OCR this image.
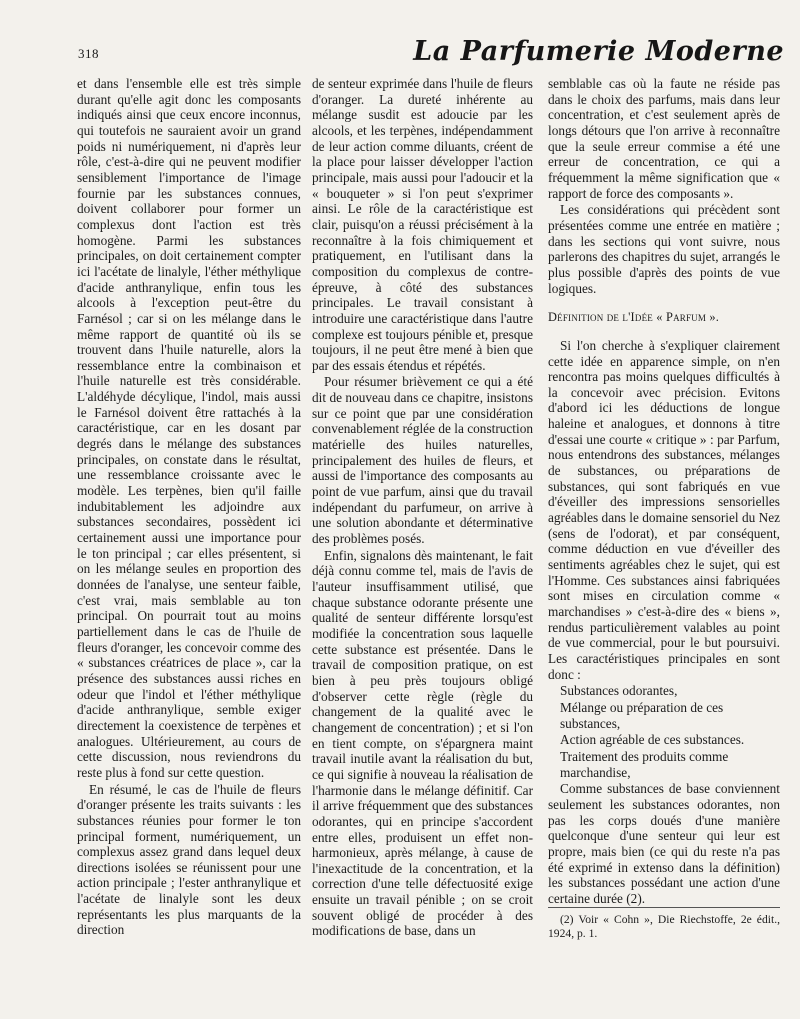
318	La Parfumerie Moderne

et dans l'ensemble elle est très simple durant qu'elle agit donc les composants indiqués ainsi que ceux encore inconnus, qui toutefois ne sauraient avoir un grand poids ni numériquement, ni d'après leur rôle, c'est-à-dire qui ne peuvent modifier sensiblement l'importance de l'image fournie par les substances connues, doivent collaborer pour former un complexus dont l'action est très homogène. Parmi les substances principales, on doit certainement compter ici l'acétate de linalyle, l'éther méthylique d'acide anthranylique, enfin tous les alcools à l'exception peut-être du Farnésol ; car si on les mélange dans le même rapport de quantité où ils se trouvent dans l'huile naturelle, alors la ressemblance entre la combinaison et l'huile naturelle est très considérable. L'aldéhyde décylique, l'indol, mais aussi le Farnésol doivent être rattachés à la caractéristique, car en les dosant par degrés dans le mélange des substances principales, on constate dans le résultat, une ressemblance croissante avec le modèle. Les terpènes, bien qu'il faille indubitablement les adjoindre aux substances secondaires, possèdent ici certainement aussi une importance pour le ton principal ; car elles présentent, si on les mélange seules en proportion des données de l'analyse, une senteur faible, c'est vrai, mais semblable au ton principal. On pourrait tout au moins partiellement dans le cas de l'huile de fleurs d'oranger, les concevoir comme des « substances créatrices de place », car la présence des substances aussi riches en odeur que l'indol et l'éther méthylique d'acide anthranylique, semble exiger directement la coexistence de terpènes et analogues. Ultérieurement, au cours de cette discussion, nous reviendrons du reste plus à fond sur cette question.

En résumé, le cas de l'huile de fleurs d'oranger présente les traits suivants : les substances réunies pour former le ton principal forment, numériquement, un complexus assez grand dans lequel deux directions isolées se réunissent pour une action principale ; l'ester anthranylique et l'acétate de linalyle sont les deux représentants les plus marquants de la direction

de senteur exprimée dans l'huile de fleurs d'oranger. La dureté inhérente au mélange susdit est adoucie par les alcools, et les terpènes, indépendamment de leur action comme diluants, créent de la place pour laisser développer l'action principale, mais aussi pour l'adoucir et la « bouqueter » si l'on peut s'exprimer ainsi. Le rôle de la caractéristique est clair, puisqu'on a réussi précisément à la reconnaître à la fois chimiquement et pratiquement, en l'utilisant dans la composition du complexus de contre-épreuve, à côté des substances principales. Le travail consistant à introduire une caractéristique dans l'autre complexe est toujours pénible et, presque toujours, il ne peut être mené à bien que par des essais étendus et répétés.

Pour résumer brièvement ce qui a été dit de nouveau dans ce chapitre, insistons sur ce point que par une considération convenablement réglée de la construction matérielle des huiles naturelles, principalement des huiles de fleurs, et aussi de l'importance des composants au point de vue parfum, ainsi que du travail indépendant du parfumeur, on arrive à une solution abondante et déterminative des problèmes posés.

Enfin, signalons dès maintenant, le fait déjà connu comme tel, mais de l'avis de l'auteur insuffisamment utilisé, que chaque substance odorante présente une qualité de senteur différente lorsqu'est modifiée la concentration sous laquelle cette substance est présentée. Dans le travail de composition pratique, on est bien à peu près toujours obligé d'observer cette règle (règle du changement de la qualité avec le changement de concentration) ; et si l'on en tient compte, on s'épargnera maint travail inutile avant la réalisation du but, ce qui signifie à nouveau la réalisation de l'harmonie dans le mélange définitif. Car il arrive fréquemment que des substances odorantes, qui en principe s'accordent entre elles, produisent un effet non-harmonieux, après mélange, à cause de l'inexactitude de la concentration, et la correction d'une telle défectuosité exige ensuite un travail pénible ; on se croit souvent obligé de procéder à des modifications de base, dans un

semblable cas où la faute ne réside pas dans le choix des parfums, mais dans leur concentration, et c'est seulement après de longs détours que l'on arrive à reconnaître que la seule erreur commise a été une erreur de concentration, ce qui a fréquemment la même signification que « rapport de force des composants ».

Les considérations qui précèdent sont présentées comme une entrée en matière ; dans les sections qui vont suivre, nous parlerons des chapitres du sujet, arrangés le plus possible d'après des points de vue logiques.

Définition de l'Idée « Parfum ».

Si l'on cherche à s'expliquer clairement cette idée en apparence simple, on n'en rencontra pas moins quelques difficultés à la concevoir avec précision. Evitons d'abord ici les déductions de longue haleine et analogues, et donnons à titre d'essai une courte « critique » : par Parfum, nous entendrons des substances, mélanges de substances, ou préparations de substances, qui sont fabriqués en vue d'éveiller des impressions sensorielles agréables dans le domaine sensoriel du Nez (sens de l'odorat), et par conséquent, comme déduction en vue d'éveiller des sentiments agréables chez le sujet, qui est l'Homme. Ces substances ainsi fabriquées sont mises en circulation comme « marchandises » c'est-à-dire des « biens », rendus particulièrement valables au point de vue commercial, pour le but poursuivi. Les caractéristiques principales en sont donc :

Substances odorantes,

Mélange ou préparation de ces substances,

Action agréable de ces substances.

Traitement des produits comme marchandise,

Comme substances de base conviennent seulement les substances odorantes, non pas les corps doués d'une manière quelconque d'une senteur qui leur est propre, mais bien (ce qui du reste n'a pas été exprimé in extenso dans la définition) les substances possédant une action d'une certaine durée (2).

(2) Voir « Cohn », Die Riechstoffe, 2e édit., 1924, p. 1.
